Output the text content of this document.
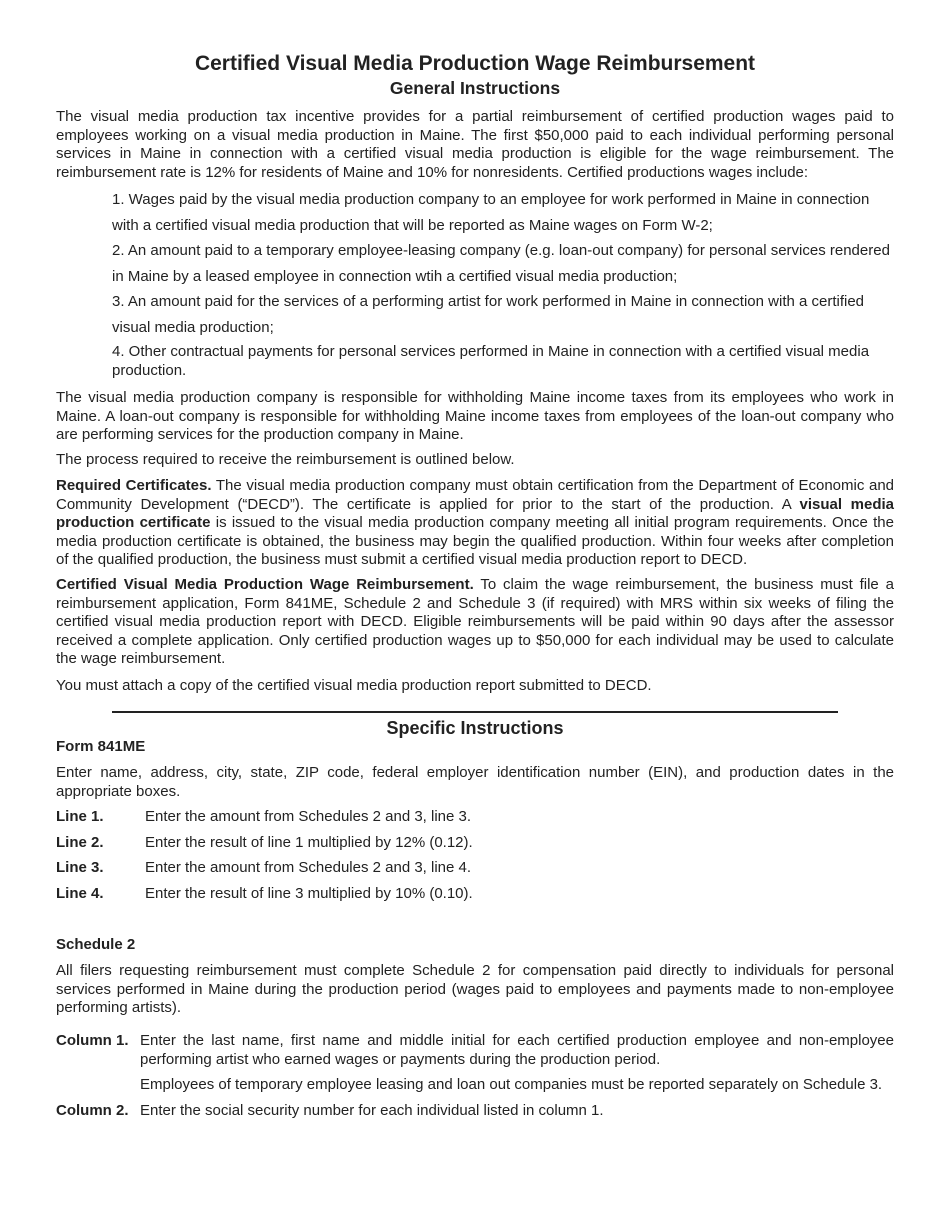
Certified Visual Media Production Wage Reimbursement
General Instructions

The visual media production tax incentive provides for a partial reimbursement of certified production wages paid to employees working on a visual media production in Maine. The first $50,000 paid to each individual performing personal services in Maine in connection with a certified visual media production is eligible for the wage reimbursement. The reimbursement rate is 12% for residents of Maine and 10% for nonresidents. Certified productions wages include:

1. Wages paid by the visual media production company to an employee for work performed in Maine in connection with a certified visual media production that will be reported as Maine wages on Form W-2;

2. An amount paid to a temporary employee-leasing company (e.g. loan-out company) for personal services rendered in Maine by a leased employee in connection wtih a certified visual media production;

3. An amount paid for the services of a performing artist for work performed in Maine in connection with a certified visual media production;

4. Other contractual payments for personal services performed in Maine in connection with a certified visual media production.

The visual media production company is responsible for withholding Maine income taxes from its employees who work in Maine. A loan-out company is responsible for withholding Maine income taxes from employees of the loan-out company who are performing services for the production company in Maine.

The process required to receive the reimbursement is outlined below.

Required Certificates. The visual media production company must obtain certification from the Department of Economic and Community Development (“DECD”). The certificate is applied for prior to the start of the production. A visual media production certificate is issued to the visual media production company meeting all initial program requirements. Once the media production certificate is obtained, the business may begin the qualified production. Within four weeks after completion of the qualified production, the business must submit a certified visual media production report to DECD.

Certified Visual Media Production Wage Reimbursement. To claim the wage reimbursement, the business must file a reimbursement application, Form 841ME, Schedule 2 and Schedule 3 (if required) with MRS within six weeks of filing the certified visual media production report with DECD. Eligible reimbursements will be paid within 90 days after the assessor received a complete application. Only certified production wages up to $50,000 for each individual may be used to calculate the wage reimbursement.

You must attach a copy of the certified visual media production report submitted to DECD.

Specific Instructions
Form 841ME

Enter name, address, city, state, ZIP code, federal employer identification number (EIN), and production dates in the appropriate boxes.

Line 1.	Enter the amount from Schedules 2 and 3, line 3.
Line 2.	Enter the result of line 1 multiplied by 12% (0.12).
Line 3.	Enter the amount from Schedules 2 and 3, line 4.
Line 4.	Enter the result of line 3 multiplied by 10% (0.10).
Schedule 2

All filers requesting reimbursement must complete Schedule 2 for compensation paid directly to individuals for personal services performed in Maine during the production period (wages paid to employees and payments made to non-employee performing artists).

Column 1. Enter the last name, first name and middle initial for each certified production employee and non-employee performing artist who earned wages or payments during the production period.

Employees of temporary employee leasing and loan out companies must be reported separately on Schedule 3.

Column 2. Enter the social security number for each individual listed in column 1.
